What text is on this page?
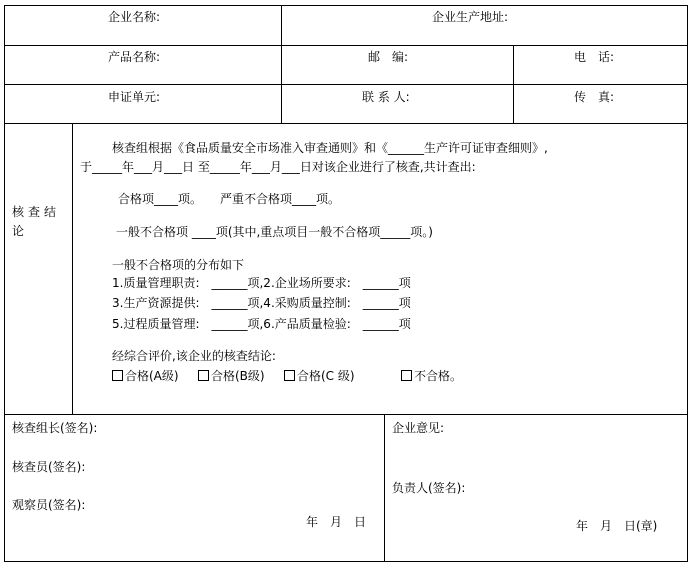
企业名称:	企业生产地址:
产品名称:	邮　编:	电　话:
申证单元:	联 系 人:	传　真:
核查结
论
核查组根据《食品质量安全市场准入审查通则》和《______生产许可证审查细则》,
于_____年___月___日 至_____年___月___日对该企业进行了核查,共计查出:
合格项____项。　　严重不合格项____项。
一般不合格项 ____项(其中,重点项目一般不合格项_____项。)
一般不合格项的分布如下
1.质量管理职责:　______项,2.企业场所要求:　______项
3.生产资源提供:　______项,4.采购质量控制:　______项
5.过程质量管理:　______项,6.产品质量检验:　______项
经综合评价,该企业的核查结论:
合格(A级)	合格(B级)	合格(C 级)	不合格。
核查组长(签名):
核查员(签名):
观察员(签名):
年　月　日
企业意见:
负责人(签名):
年　月　日(章)
